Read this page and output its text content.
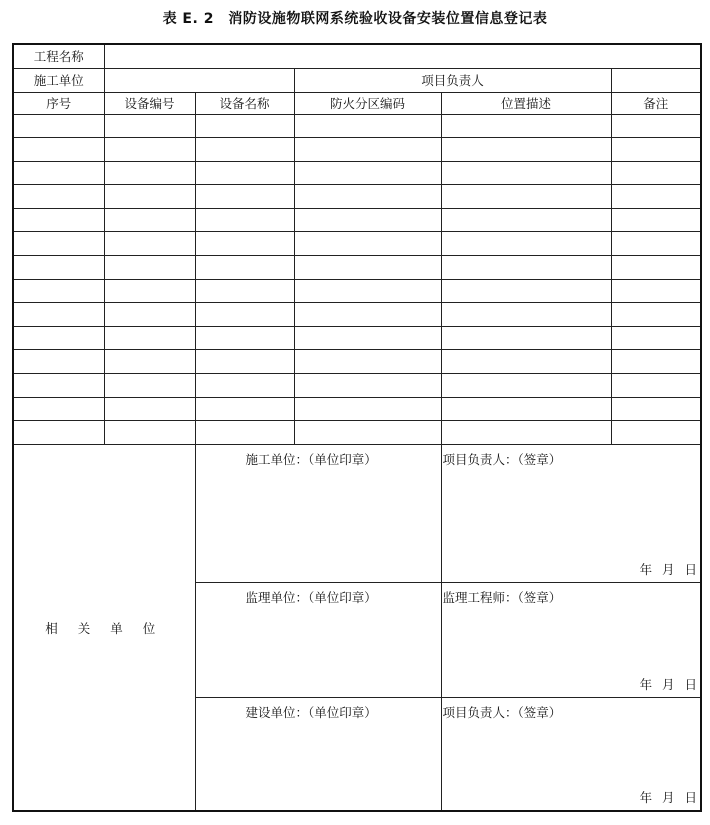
表 E. 2　消防设施物联网系统验收设备安装位置信息登记表
工程名称					
施工单位			项目负责人		
序号	设备编号	设备名称	防火分区编码	位置描述	备注

相 关 单 位		施工单位：（单位印章）		项目负责人：（签章）
年 月 日	

		监理单位：（单位印章）		监理工程师：（签章）
年 月 日	

		建设单位：（单位印章）		项目负责人：（签章）
年 月 日	
